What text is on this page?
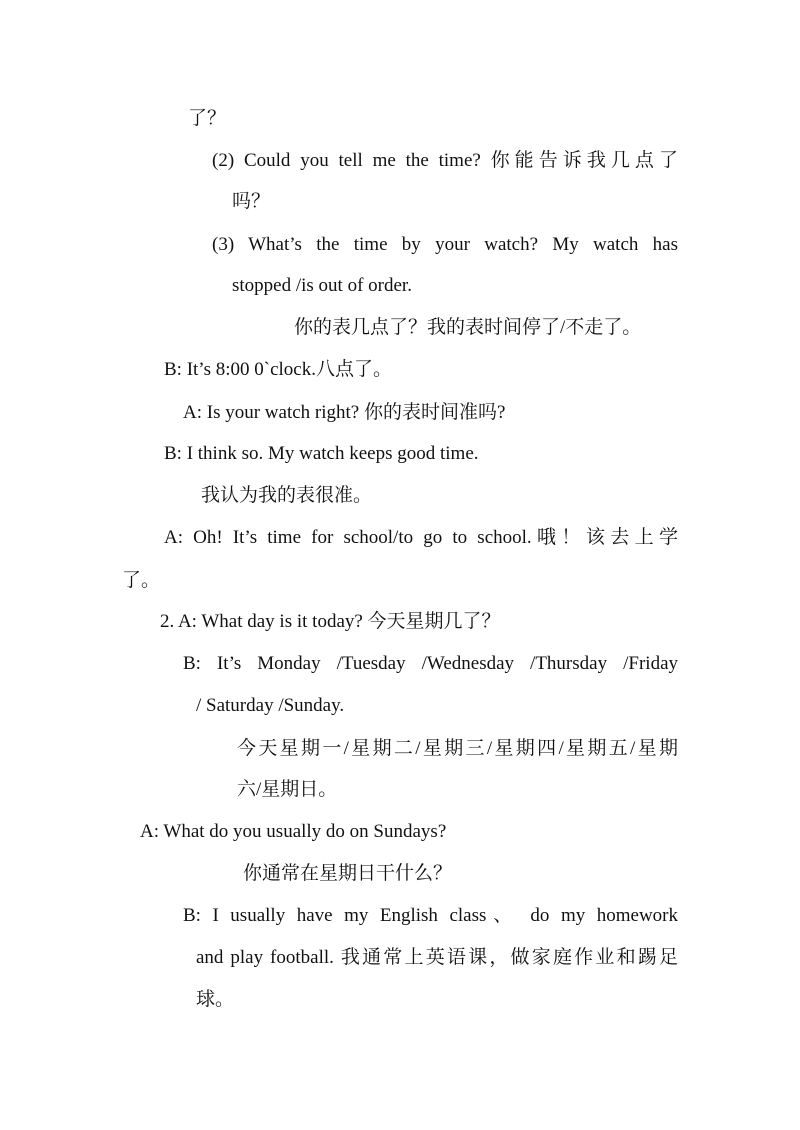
了？

(2) Could you tell me the time? 你能告诉我几点了

吗？

(3) What’s the time by your watch? My watch has

stopped /is out of order.

你的表几点了？我的表时间停了/不走了。

B: It’s 8:00 0`clock.八点了。

A: Is your watch right? 你的表时间准吗?

B: I think so. My watch keeps good time.

我认为我的表很准。

A: Oh! It’s time for school/to go to school.哦！该去上学

了。

2. A: What day is it today? 今天星期几了？

B: It’s Monday /Tuesday /Wednesday /Thursday /Friday

/ Saturday /Sunday.

今天星期一/星期二/星期三/星期四/星期五/星期

六/星期日。

A: What do you usually do on Sundays?

你通常在星期日干什么？

B: I usually have my English class、 do my homework

and play football. 我通常上英语课，做家庭作业和踢足

球。
